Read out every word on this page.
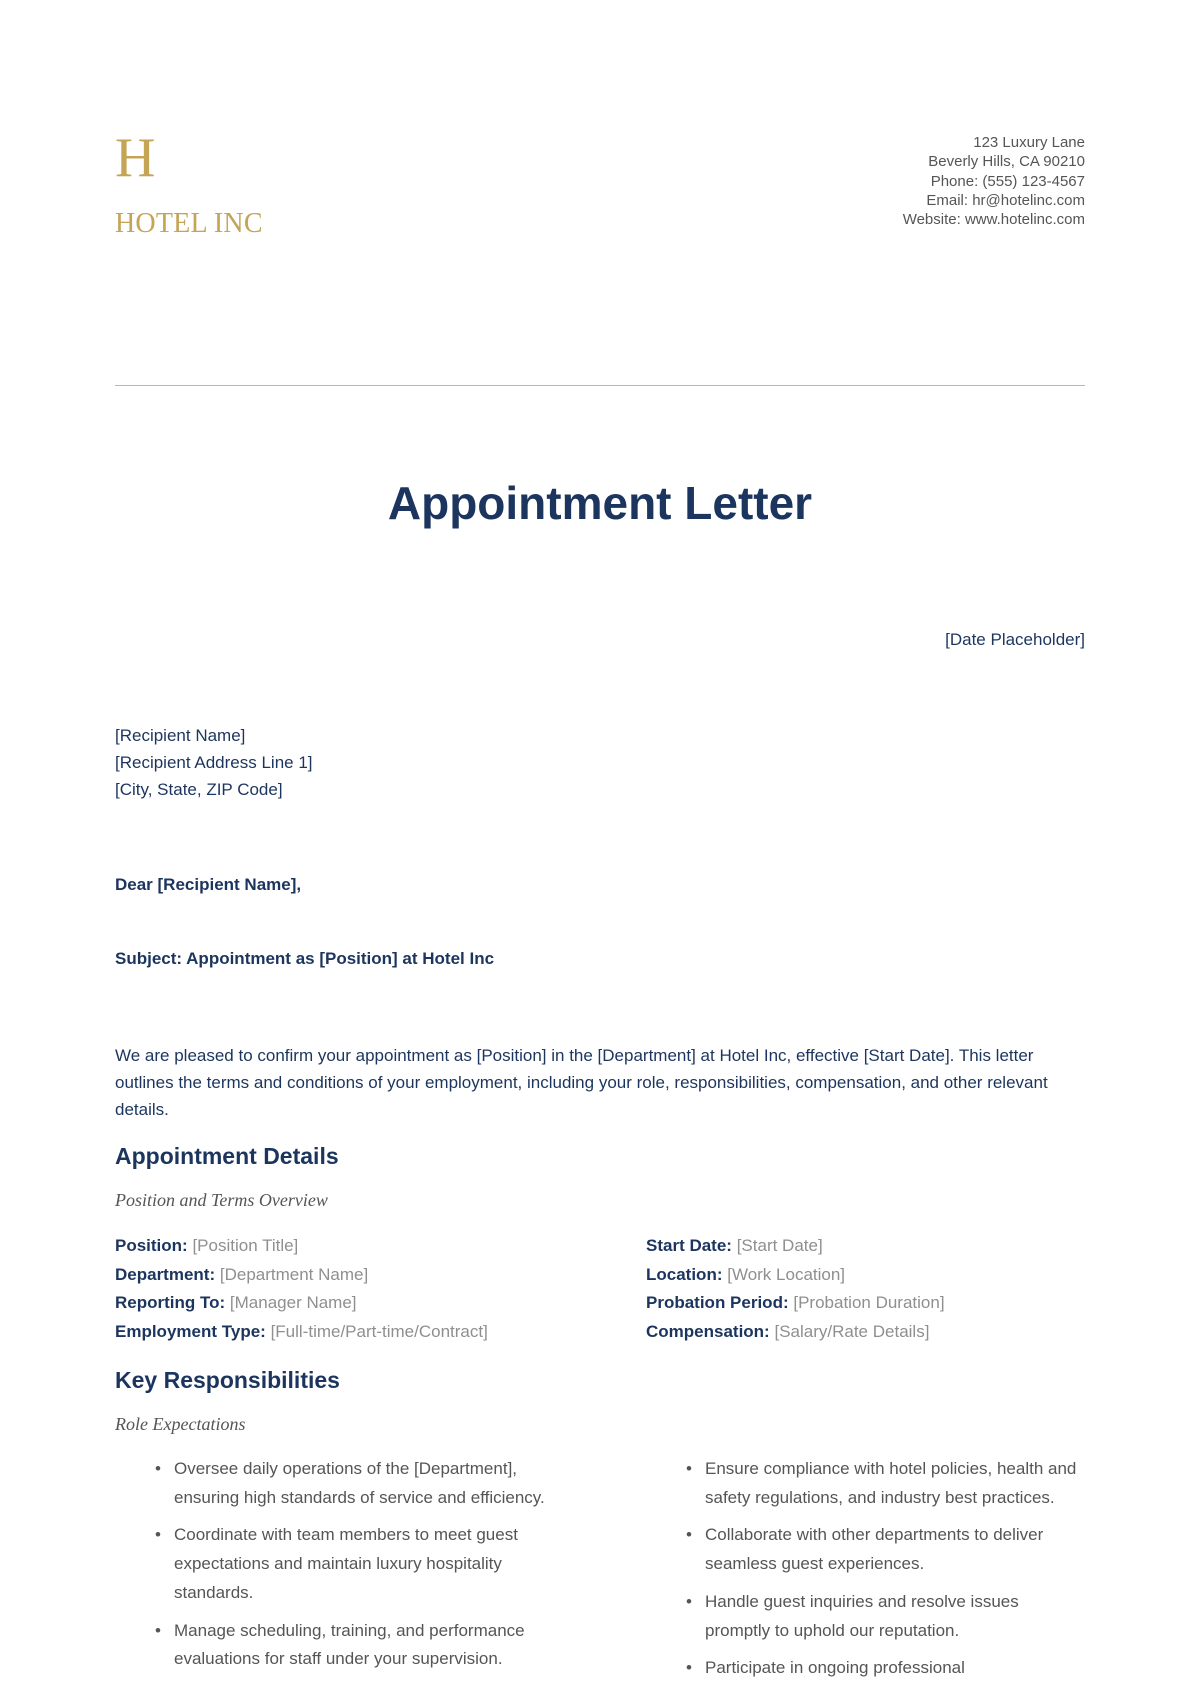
H
HOTEL INC
123 Luxury Lane
Beverly Hills, CA 90210
Phone: (555) 123-4567
Email: hr@hotelinc.com
Website: www.hotelinc.com
Appointment Letter
[Date Placeholder]
[Recipient Name]
[Recipient Address Line 1]
[City, State, ZIP Code]
Dear [Recipient Name],
Subject: Appointment as [Position] at Hotel Inc

We are pleased to confirm your appointment as [Position] in the [Department] at Hotel Inc, effective [Start Date]. This letter outlines the terms and conditions of your employment, including your role, responsibilities, compensation, and other relevant details.

Appointment Details
Position and Terms Overview
Position: [Position Title]
Department: [Department Name]
Reporting To: [Manager Name]
Employment Type: [Full-time/Part-time/Contract]
Start Date: [Start Date]
Location: [Work Location]
Probation Period: [Probation Duration]
Compensation: [Salary/Rate Details]
Key Responsibilities
Role Expectations
• Oversee daily operations of the [Department], ensuring high standards of service and efficiency.
• Coordinate with team members to meet guest expectations and maintain luxury hospitality standards.
• Manage scheduling, training, and performance evaluations for staff under your supervision.
• Ensure compliance with hotel policies, health and safety regulations, and industry best practices.
• Collaborate with other departments to deliver seamless guest experiences.
• Handle guest inquiries and resolve issues promptly to uphold our reputation.
• Participate in ongoing professional
